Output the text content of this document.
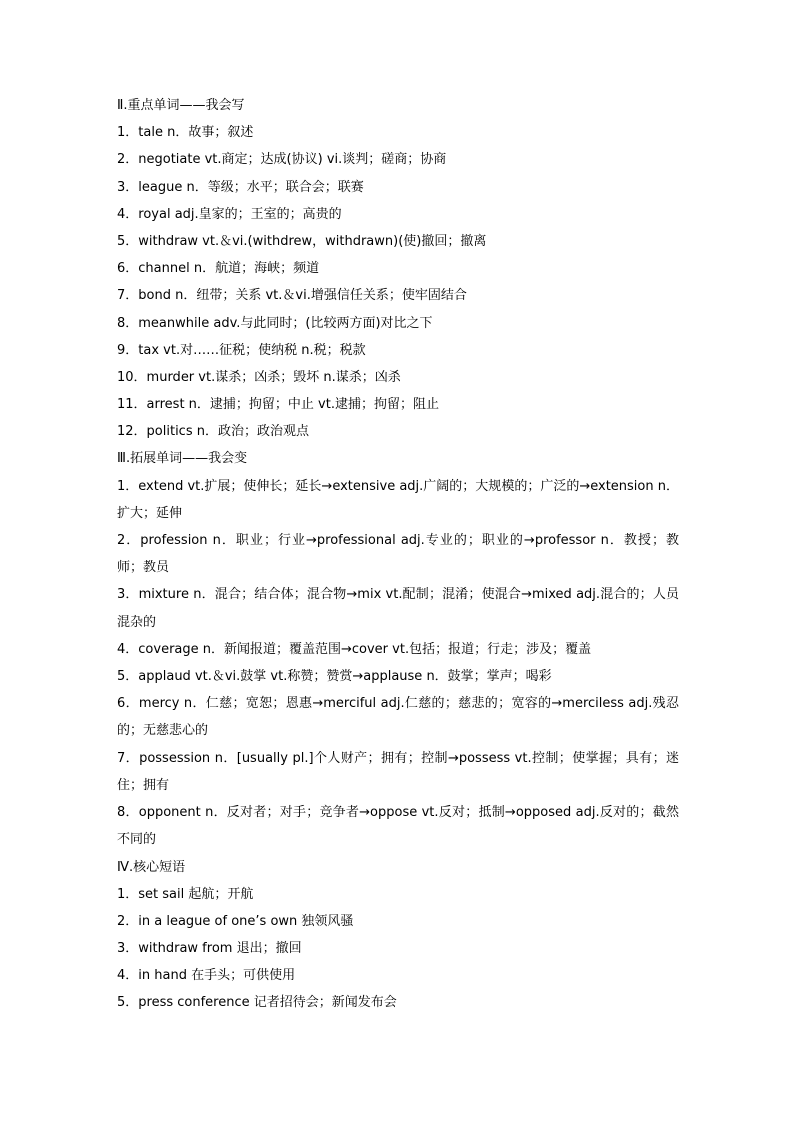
Ⅱ.重点单词——我会写
1．tale n．故事；叙述
2．negotiate vt.商定；达成(协议) vi.谈判；磋商；协商
3．league n．等级；水平；联合会；联赛
4．royal adj.皇家的；王室的；高贵的
5．withdraw vt.＆vi.(withdrew，withdrawn)(使)撤回；撤离
6．channel n．航道；海峡；频道
7．bond n．纽带；关系 vt.＆vi.增强信任关系；使牢固结合
8．meanwhile adv.与此同时；(比较两方面)对比之下
9．tax vt.对……征税；使纳税 n.税；税款
10．murder vt.谋杀；凶杀；毁坏 n.谋杀；凶杀
11．arrest n．逮捕；拘留；中止 vt.逮捕；拘留；阻止
12．politics n．政治；政治观点
Ⅲ.拓展单词——我会变
1．extend vt.扩展；使伸长；延长→extensive adj.广阔的；大规模的；广泛的→extension n．扩大；延伸
2．profession n．职业；行业→professional adj.专业的；职业的→professor n．教授；教师；教员
3．mixture n．混合；结合体；混合物→mix vt.配制；混淆；使混合→mixed adj.混合的；人员混杂的
4．coverage n．新闻报道；覆盖范围→cover vt.包括；报道；行走；涉及；覆盖
5．applaud vt.＆vi.鼓掌 vt.称赞；赞赏→applause n．鼓掌；掌声；喝彩
6．mercy n．仁慈；宽恕；恩惠→merciful adj.仁慈的；慈悲的；宽容的→merciless adj.残忍的；无慈悲心的
7．possession n．[usually pl.]个人财产；拥有；控制→possess vt.控制；使掌握；具有；迷住；拥有
8．opponent n．反对者；对手；竞争者→oppose vt.反对；抵制→opposed adj.反对的；截然不同的
Ⅳ.核心短语
1．set sail 起航；开航
2．in a league of one’s own 独领风骚
3．withdraw from 退出；撤回
4．in hand 在手头；可供使用
5．press conference 记者招待会；新闻发布会
